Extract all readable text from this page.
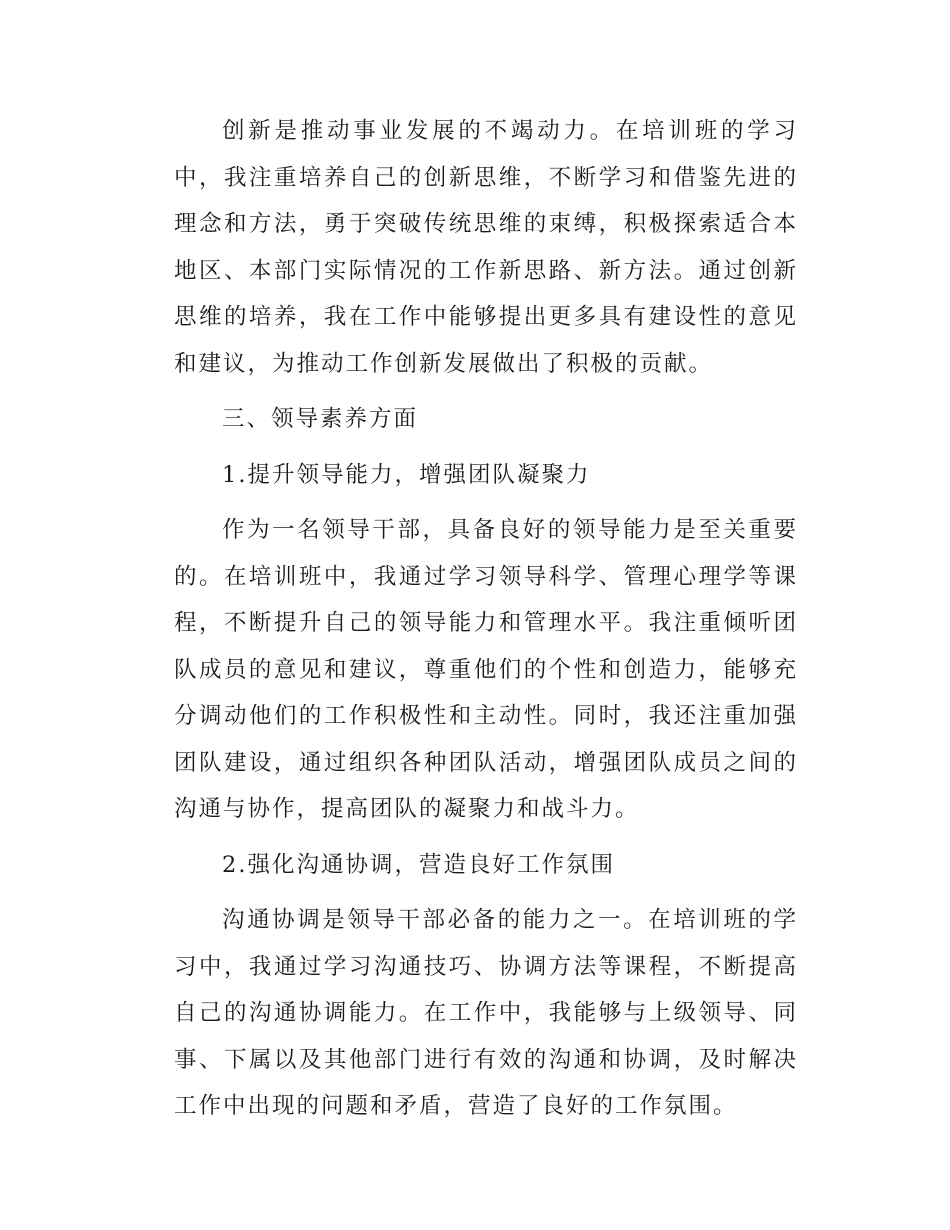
创新是推动事业发展的不竭动力。在培训班的学习中，我注重培养自己的创新思维，不断学习和借鉴先进的理念和方法，勇于突破传统思维的束缚，积极探索适合本地区、本部门实际情况的工作新思路、新方法。通过创新思维的培养，我在工作中能够提出更多具有建设性的意见和建议，为推动工作创新发展做出了积极的贡献。

三、领导素养方面

1.提升领导能力，增强团队凝聚力

作为一名领导干部，具备良好的领导能力是至关重要的。在培训班中，我通过学习领导科学、管理心理学等课程，不断提升自己的领导能力和管理水平。我注重倾听团队成员的意见和建议，尊重他们的个性和创造力，能够充分调动他们的工作积极性和主动性。同时，我还注重加强团队建设，通过组织各种团队活动，增强团队成员之间的沟通与协作，提高团队的凝聚力和战斗力。

2.强化沟通协调，营造良好工作氛围

沟通协调是领导干部必备的能力之一。在培训班的学习中，我通过学习沟通技巧、协调方法等课程，不断提高自己的沟通协调能力。在工作中，我能够与上级领导、同事、下属以及其他部门进行有效的沟通和协调，及时解决工作中出现的问题和矛盾，营造了良好的工作氛围。
